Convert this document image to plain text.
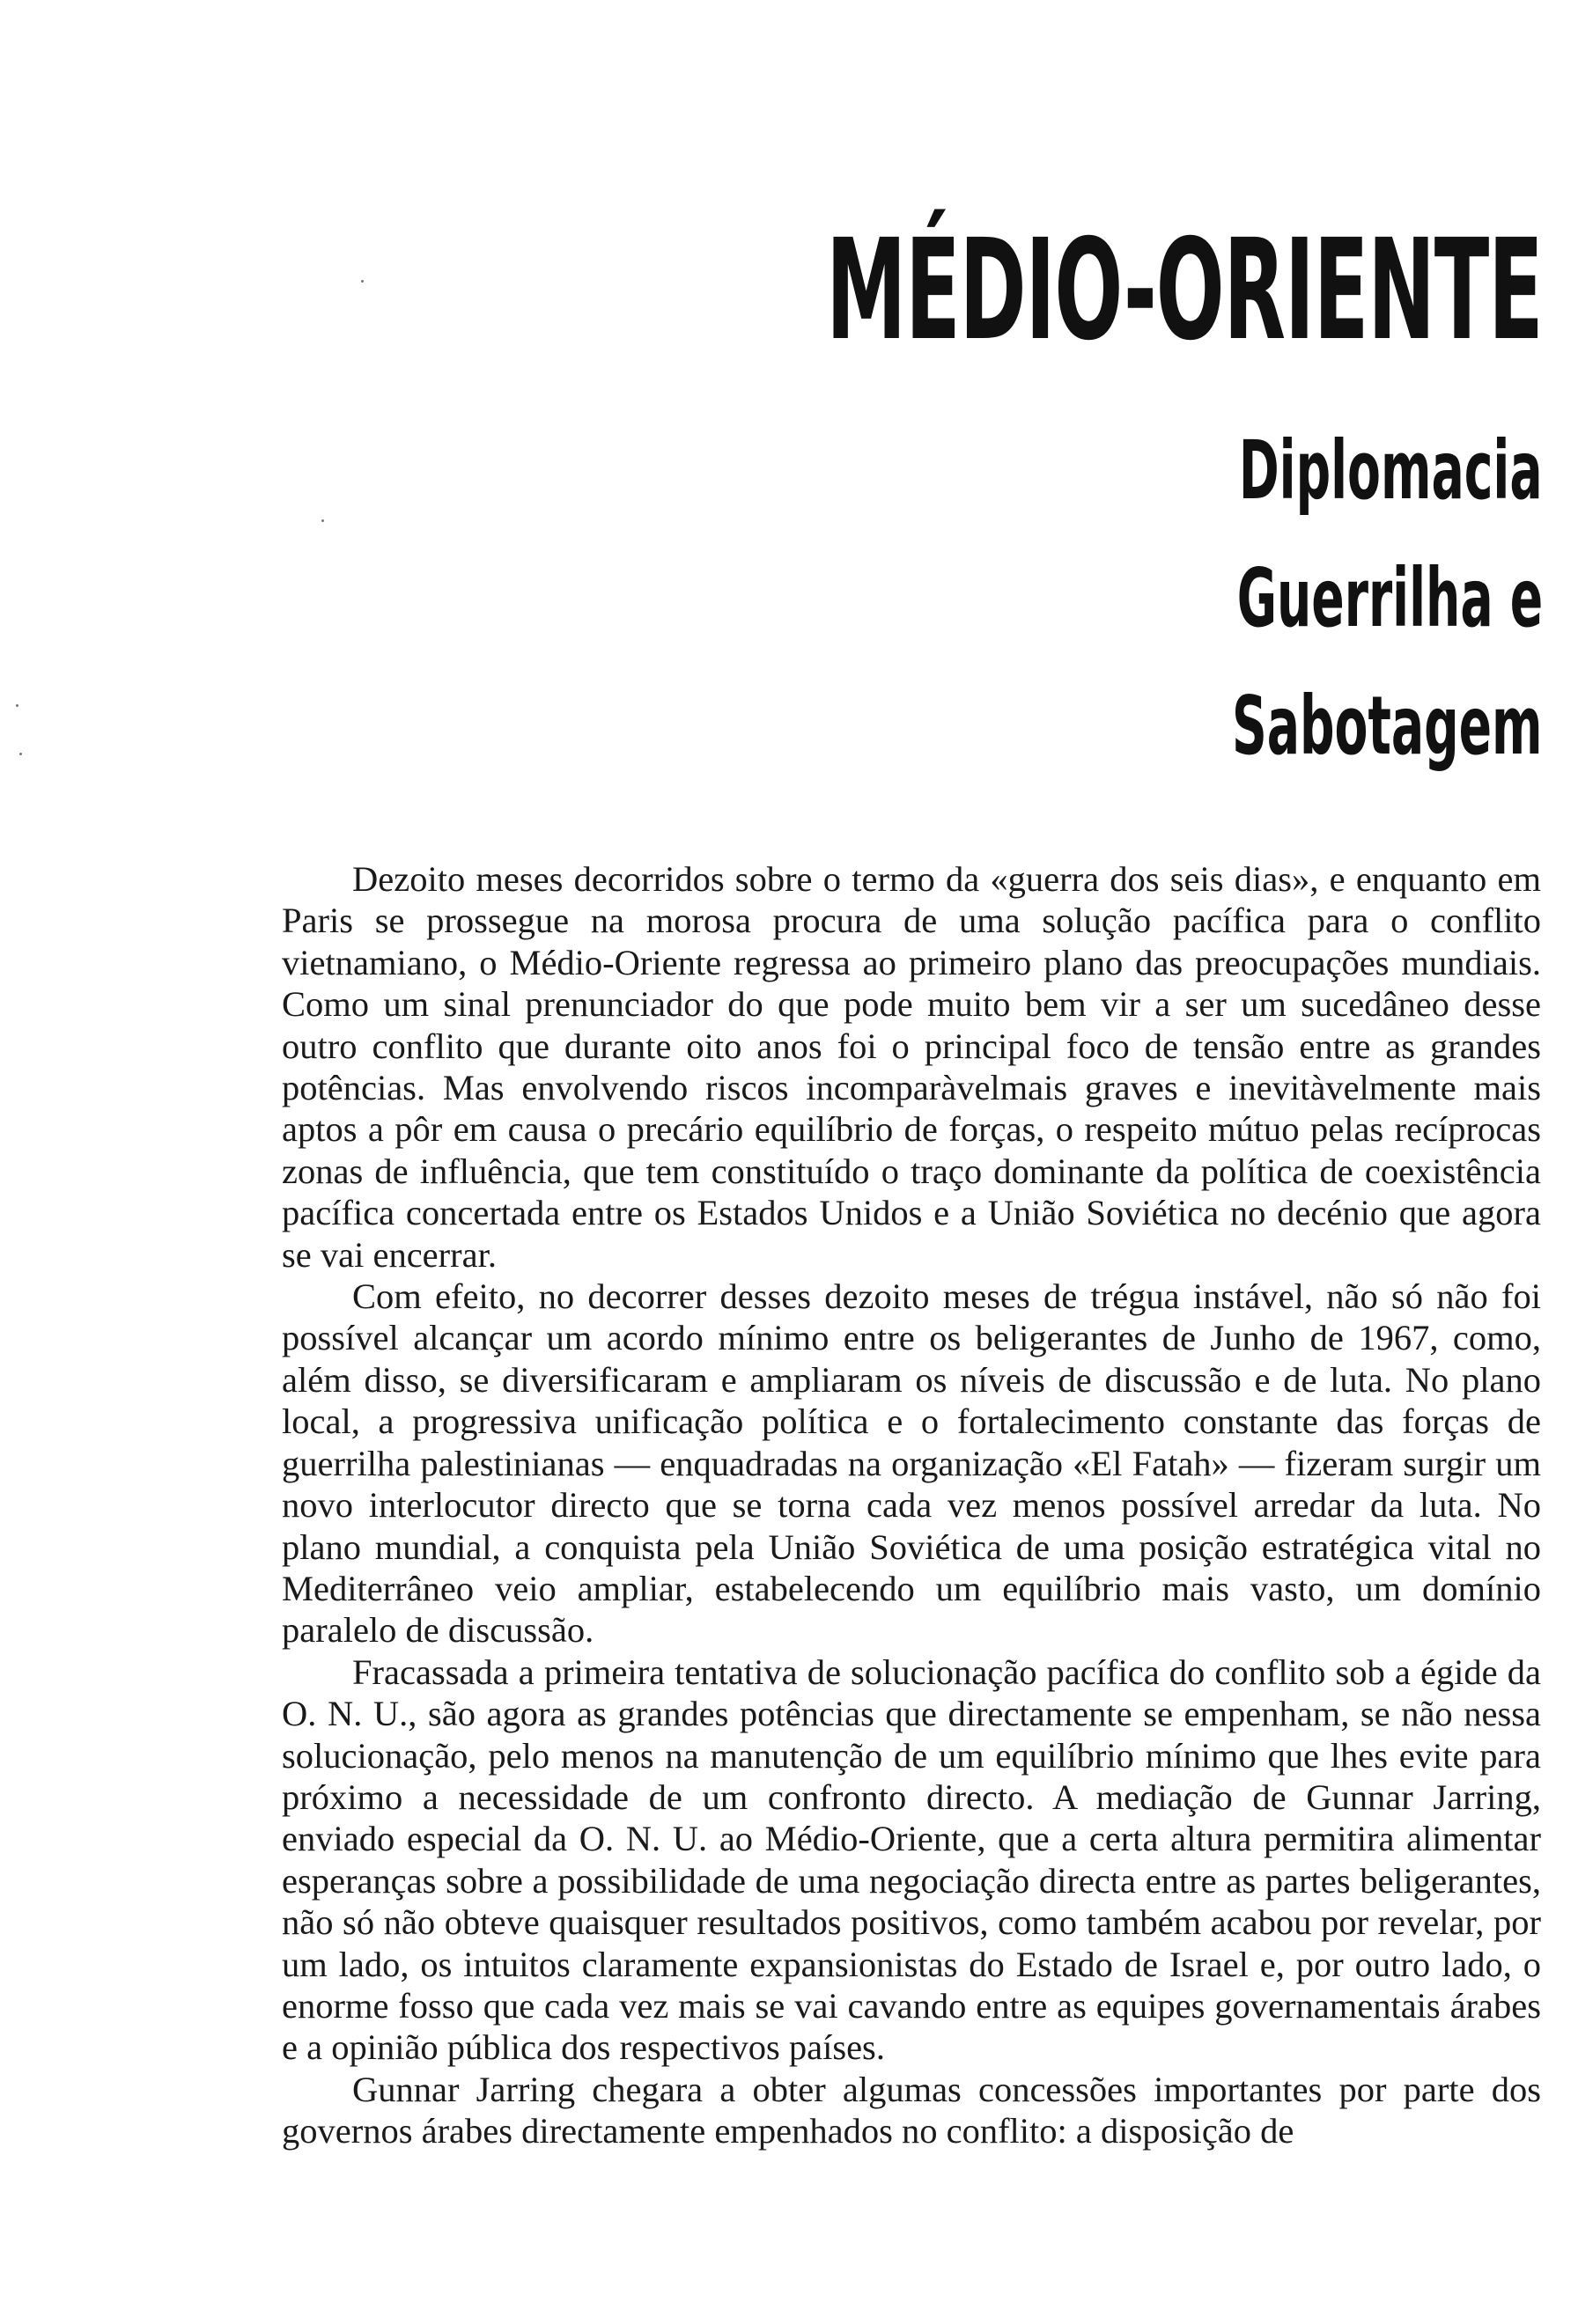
MÉDIO-ORIENTE
Diplomacia
Guerrilha e
Sabotagem

Dezoito meses decorridos sobre o termo da «guerra dos seis dias», e enquanto em Paris se prossegue na morosa procura de uma solução pacífica para o conflito vietnamiano, o Médio-Oriente regressa ao primeiro plano das preocupações mundiais. Como um sinal prenunciador do que pode muito bem vir a ser um sucedâneo desse outro conflito que durante oito anos foi o principal foco de tensão entre as grandes potências. Mas envolvendo riscos incomparàvelmais graves e inevitàvelmente mais aptos a pôr em causa o precário equilíbrio de forças, o respeito mútuo pelas recíprocas zonas de influência, que tem constituído o traço dominante da política de coexistência pacífica concertada entre os Estados Unidos e a União Soviética no decénio que agora se vai encerrar.

Com efeito, no decorrer desses dezoito meses de trégua instável, não só não foi possível alcançar um acordo mínimo entre os beligerantes de Junho de 1967, como, além disso, se diversificaram e ampliaram os níveis de discussão e de luta. No plano local, a progressiva unificação política e o fortalecimento constante das forças de guerrilha palestinianas — enquadradas na organização «El Fatah» — fizeram surgir um novo interlocutor directo que se torna cada vez menos possível arredar da luta. No plano mundial, a conquista pela União Soviética de uma posição estratégica vital no Mediterrâneo veio ampliar, estabelecendo um equilíbrio mais vasto, um domínio paralelo de discussão.

Fracassada a primeira tentativa de solucionação pacífica do conflito sob a égide da O. N. U., são agora as grandes potências que directamente se empenham, se não nessa solucionação, pelo menos na manutenção de um equilíbrio mínimo que lhes evite para próximo a necessidade de um confronto directo. A mediação de Gunnar Jarring, enviado especial da O. N. U. ao Médio-Oriente, que a certa altura permitira alimentar esperanças sobre a possibilidade de uma negociação directa entre as partes beligerantes, não só não obteve quaisquer resultados positivos, como também acabou por revelar, por um lado, os intuitos claramente expansionistas do Estado de Israel e, por outro lado, o enorme fosso que cada vez mais se vai cavando entre as equipes governamentais árabes e a opinião pública dos respectivos países.

Gunnar Jarring chegara a obter algumas concessões importantes por parte dos governos árabes directamente empenhados no conflito: a disposição de
